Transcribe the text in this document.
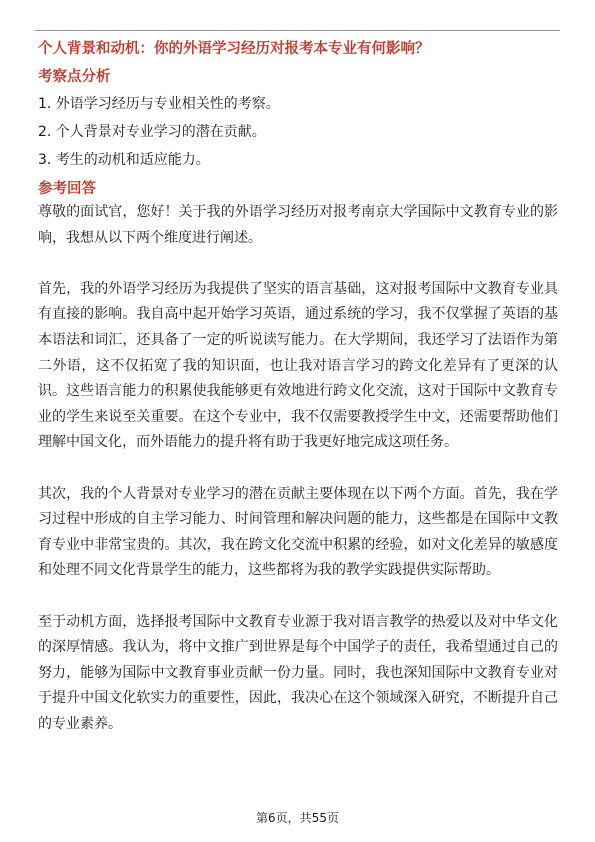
个人背景和动机：你的外语学习经历对报考本专业有何影响？
考察点分析
1. 外语学习经历与专业相关性的考察。
2. 个人背景对专业学习的潜在贡献。
3. 考生的动机和适应能力。
参考回答

尊敬的面试官，您好！关于我的外语学习经历对报考南京大学国际中文教育专业的影响，我想从以下两个维度进行阐述。

首先，我的外语学习经历为我提供了坚实的语言基础，这对报考国际中文教育专业具有直接的影响。我自高中起开始学习英语，通过系统的学习，我不仅掌握了英语的基本语法和词汇，还具备了一定的听说读写能力。在大学期间，我还学习了法语作为第二外语，这不仅拓宽了我的知识面，也让我对语言学习的跨文化差异有了更深的认识。这些语言能力的积累使我能够更有效地进行跨文化交流，这对于国际中文教育专业的学生来说至关重要。在这个专业中，我不仅需要教授学生中文，还需要帮助他们理解中国文化，而外语能力的提升将有助于我更好地完成这项任务。

其次，我的个人背景对专业学习的潜在贡献主要体现在以下两个方面。首先，我在学习过程中形成的自主学习能力、时间管理和解决问题的能力，这些都是在国际中文教育专业中非常宝贵的。其次，我在跨文化交流中积累的经验，如对文化差异的敏感度和处理不同文化背景学生的能力，这些都将为我的教学实践提供实际帮助。

至于动机方面，选择报考国际中文教育专业源于我对语言教学的热爱以及对中华文化的深厚情感。我认为，将中文推广到世界是每个中国学子的责任，我希望通过自己的努力，能够为国际中文教育事业贡献一份力量。同时，我也深知国际中文教育专业对于提升中国文化软实力的重要性，因此，我决心在这个领域深入研究，不断提升自己的专业素养。

第6页，共55页
